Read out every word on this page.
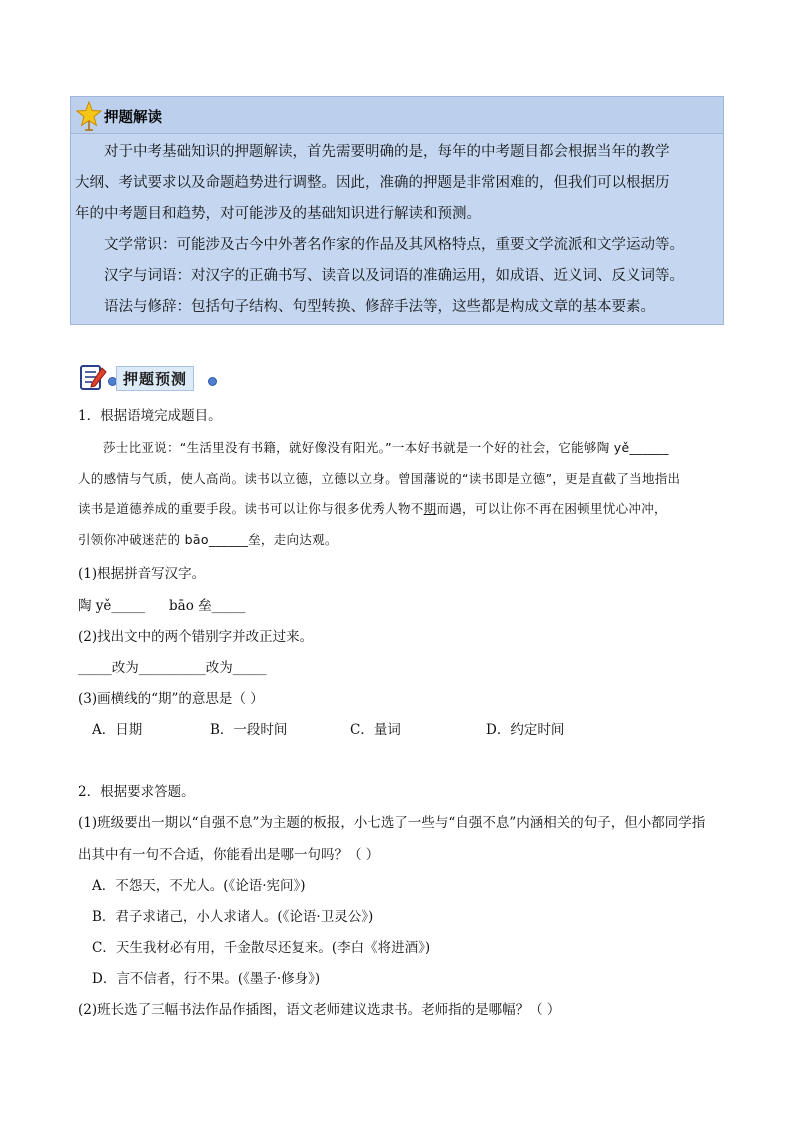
押题解读

对于中考基础知识的押题解读，首先需要明确的是，每年的中考题目都会根据当年的教学

大纲、考试要求以及命题趋势进行调整。因此，准确的押题是非常困难的，但我们可以根据历

年的中考题目和趋势，对可能涉及的基础知识进行解读和预测。

文学常识：可能涉及古今中外著名作家的作品及其风格特点，重要文学流派和文学运动等。

汉字与词语：对汉字的正确书写、读音以及词语的准确运用，如成语、近义词、反义词等。

语法与修辞：包括句子结构、句型转换、修辞手法等，这些都是构成文章的基本要素。

押题预测
1．根据语境完成题目。
莎士比亚说：“生活里没有书籍，就好像没有阳光。”一本好书就是一个好的社会，它能够陶 yě______
人的感情与气质，使人高尚。读书以立德，立德以立身。曾国藩说的“读书即是立德”，更是直截了当地指出
读书是道德养成的重要手段。读书可以让你与很多优秀人物不期而遇，可以让你不再在困顿里忧心冲冲，
引领你冲破迷茫的 bāo______垒，走向达观。
(1)根据拼音写汉字。
陶 yě_____ bāo 垒_____
(2)找出文中的两个错别字并改正过来。
_____改为_____ _____改为_____
(3)画横线的“期”的意思是（ ）
A．日期	B．一段时间	C．量词	D．约定时间
2．根据要求答题。
(1)班级要出一期以“自强不息”为主题的板报，小七选了一些与“自强不息”内涵相关的句子，但小都同学指
出其中有一句不合适，你能看出是哪一句吗？（ ）
A．不怨天，不尤人。(《论语·宪问》)
B．君子求诸己，小人求诸人。(《论语·卫灵公》)
C．天生我材必有用，千金散尽还复来。(李白《将进酒》)
D．言不信者，行不果。(《墨子·修身》)
(2)班长选了三幅书法作品作插图，语文老师建议选隶书。老师指的是哪幅？（ ）
